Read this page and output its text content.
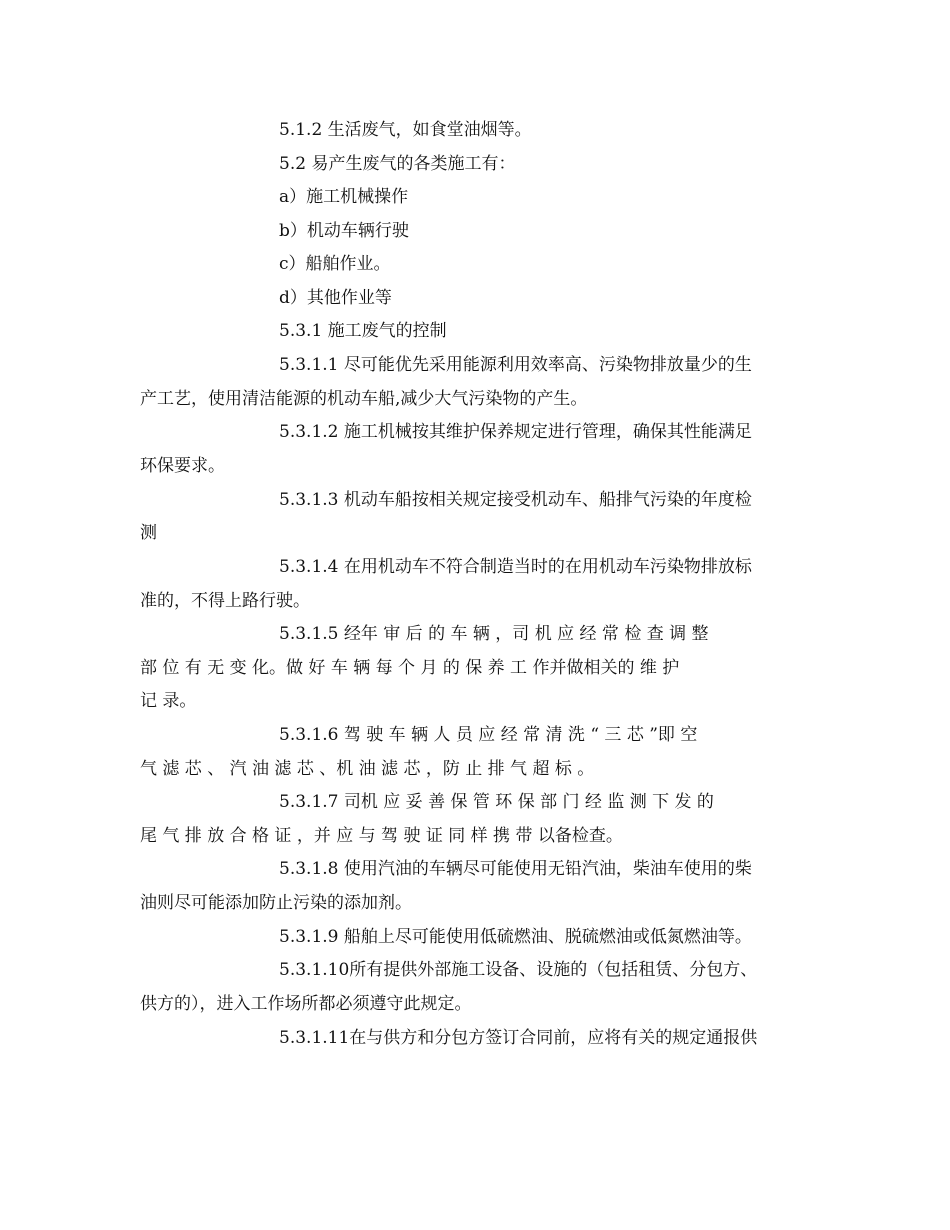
5.1.2 生活废气，如食堂油烟等。
5.2 易产生废气的各类施工有：
a）施工机械操作
b）机动车辆行驶
c）船舶作业。
d）其他作业等
5.3.1 施工废气的控制
5.3.1.1 尽可能优先采用能源利用效率高、污染物排放量少的生
产工艺，使用清洁能源的机动车船,减少大气污染物的产生。
5.3.1.2 施工机械按其维护保养规定进行管理，确保其性能满足
环保要求。
5.3.1.3 机动车船按相关规定接受机动车、船排气污染的年度检
测
5.3.1.4 在用机动车不符合制造当时的在用机动车污染物排放标
准的，不得上路行驶。
5.3.1.5 经年 审 后 的 车 辆 ，司 机 应 经 常 检 查 调 整
部 位 有 无 变 化。做 好 车 辆 每 个 月 的 保 养 工 作并做相关的 维 护
记 录。
5.3.1.6 驾 驶 车 辆 人 员 应 经 常 清 洗 “ 三 芯 ”即 空
气 滤 芯 、 汽 油 滤 芯 、机 油 滤 芯 ，防 止 排 气 超 标 。
5.3.1.7 司机 应 妥 善 保 管 环 保 部 门 经 监 测 下 发 的
尾 气 排 放 合 格 证 ，并 应 与 驾 驶 证 同 样 携 带 以备检查。
5.3.1.8 使用汽油的车辆尽可能使用无铅汽油，柴油车使用的柴
油则尽可能添加防止污染的添加剂。
5.3.1.9 船舶上尽可能使用低硫燃油、脱硫燃油或低氮燃油等。
5.3.1.10所有提供外部施工设备、设施的（包括租赁、分包方、
供方的），进入工作场所都必须遵守此规定。
5.3.1.11在与供方和分包方签订合同前，应将有关的规定通报供
